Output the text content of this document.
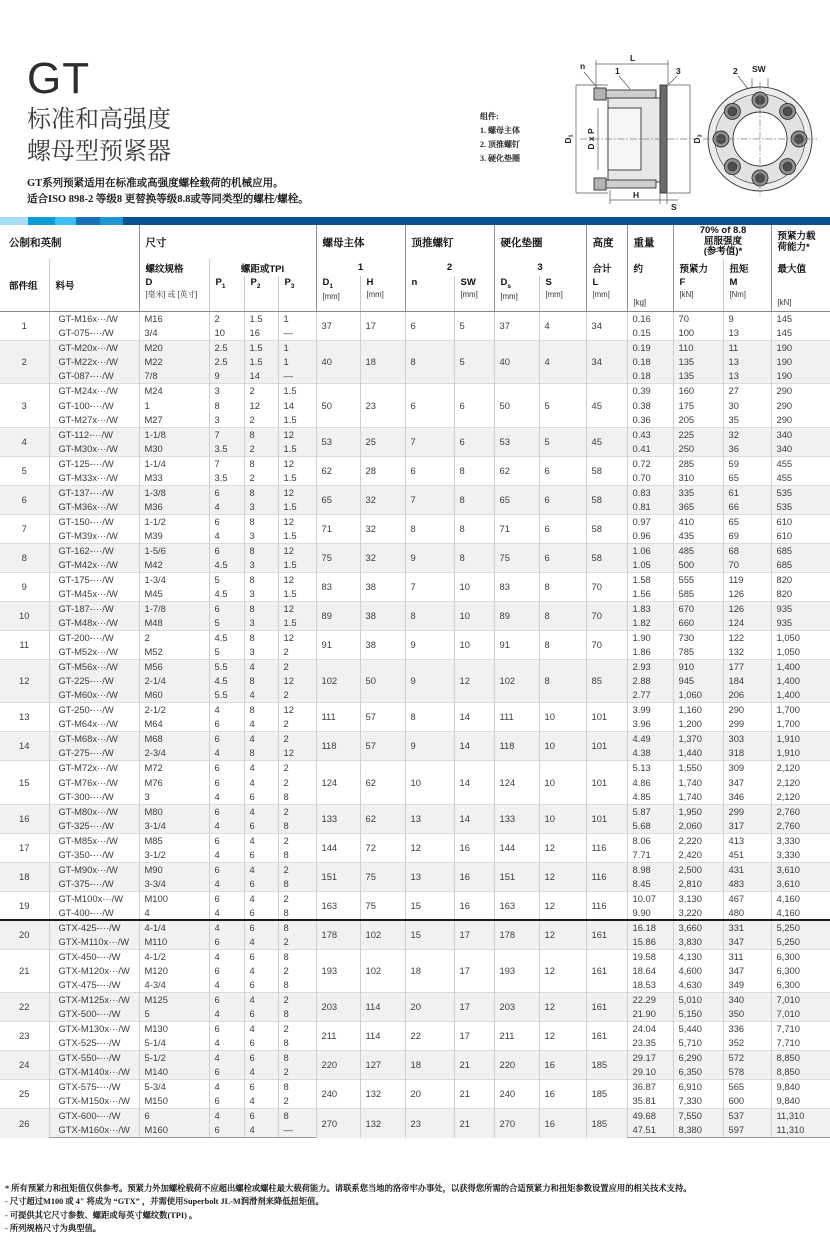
GT
标准和高强度
螺母型预紧器
GT系列预紧适用在标准或高强度螺栓载荷的机械应用。
适合ISO 898-2 等级8 更替换等级8.8或等同类型的螺柱/螺栓。
n
L
1	3	2 SW
H
S
D1 D x P	D3
组件:
1. 螺母主体
2. 顶推螺钉
3. 硬化垫圈
公制和英制		尺寸				螺母主体		顶推螺钉		硬化垫圈		高度	重量	70% of 8.8
屈服强度
(参考值)*		预紧力载
荷能力*
部件组	料号	螺纹规格	螺距或TPI			1		2		3		合计	约	预紧力	扭矩	最大值
		D
[毫米] 或 [英寸]	$P_1$	$P_2$	$P_3$	$D_1$
[mm]	H
[mm]	n	SW
[mm]	$D_s$
[mm]	S
[mm]	L
[mm]	[kg]	F
[kN]	M
[Nm]	[kN]
1	GT-M16x···/W	M16	2	1.5	1	37	17	6	5	37	4	34	0.16	70	9	145
	GT-075-···/W	3/4	10	16	—								0.15	100	13	145
2	GT-M20x···/W	M20	2.5	1.5	1	40	18	8	5	40	4	34	0.19	110	11	190
	GT-M22x···/W	M22	2.5	1.5	1								0.18	135	13	190
	GT-087-···/W	7/8	9	14	—								0.18	135	13	190
3	GT-M24x···/W	M24	3	2	1.5	50	23	6	6	50	5	45	0.39	160	27	290
	GT-100-···/W	1	8	12	14								0.38	175	30	290
	GT-M27x···/W	M27	3	2	1.5								0.36	205	35	290
4	GT-112-···/W	1-1/8	7	8	12	53	25	7	6	53	5	45	0.43	225	32	340
	GT-M30x···/W	M30	3.5	2	1.5								0.41	250	36	340
5	GT-125-···/W	1-1/4	7	8	12	62	28	6	8	62	6	58	0.72	285	59	455
	GT-M33x···/W	M33	3.5	2	1.5								0.70	310	65	455
6	GT-137-···/W	1-3/8	6	8	12	65	32	7	8	65	6	58	0.83	335	61	535
	GT-M36x···/W	M36	4	3	1.5								0.81	365	66	535
7	GT-150-···/W	1-1/2	6	8	12	71	32	8	8	71	6	58	0.97	410	65	610
	GT-M39x···/W	M39	4	3	1.5								0.96	435	69	610
8	GT-162-···/W	1-5/6	6	8	12	75	32	9	8	75	6	58	1.06	485	68	685
	GT-M42x···/W	M42	4.5	3	1.5								1.05	500	70	685
9	GT-175-···/W	1-3/4	5	8	12	83	38	7	10	83	8	70	1.58	555	119	820
	GT-M45x···/W	M45	4.5	3	1.5								1.56	585	126	820
10	GT-187-···/W	1-7/8	6	8	12	89	38	8	10	89	8	70	1.83	670	126	935
	GT-M48x···/W	M48	5	3	1.5								1.82	660	124	935
11	GT-200-···/W	2	4.5	8	12	91	38	9	10	91	8	70	1.90	730	122	1,050
	GT-M52x···/W	M52	5	3	2								1.86	785	132	1,050
12	GT-M56x···/W	M56	5.5	4	2	102	50	9	12	102	8	85	2.93	910	177	1,400
	GT-225-···/W	2-1/4	4.5	8	12								2.88	945	184	1,400
	GT-M60x···/W	M60	5.5	4	2								2.77	1,060	206	1,400
13	GT-250-···/W	2-1/2	4	8	12	111	57	8	14	111	10	101	3.99	1,160	290	1,700
	GT-M64x···/W	M64	6	4	2								3.96	1,200	299	1,700
14	GT-M68x···/W	M68	6	4	2	118	57	9	14	118	10	101	4.49	1,370	303	1,910
	GT-275-···/W	2-3/4	4	8	12								4.38	1,440	318	1,910
15	GT-M72x···/W	M72	6	4	2	124	62	10	14	124	10	101	5.13	1,550	309	2,120
	GT-M76x···/W	M76	6	4	2								4.86	1,740	347	2,120
	GT-300-···/W	3	4	6	8								4.85	1,740	346	2,120
16	GT-M80x···/W	M80	6	4	2	133	62	13	14	133	10	101	5.87	1,950	299	2,760
	GT-325-···/W	3-1/4	4	6	8								5.68	2,060	317	2,760
17	GT-M85x···/W	M85	6	4	2	144	72	12	16	144	12	116	8.06	2,220	413	3,330
	GT-350-···/W	3-1/2	4	6	8								7.71	2,420	451	3,330
18	GT-M90x···/W	M90	6	4	2	151	75	13	16	151	12	116	8.98	2,500	431	3,610
	GT-375-···/W	3-3/4	4	6	8								8.45	2,810	483	3,610
19	GT-M100x···/W	M100	6	4	2	163	75	15	16	163	12	116	10.07	3,130	467	4,160
	GT-400-···/W	4	4	6	8								9.90	3,220	480	4,160
20	GTX-425-···/W	4-1/4	4	6	8	178	102	15	17	178	12	161	16.18	3,660	331	5,250
	GTX-M110x···/W	M110	6	4	2								15.86	3,830	347	5,250
21	GTX-450-···/W	4-1/2	4	6	8	193	102	18	17	193	12	161	19.58	4,130	311	6,300
	GTX-M120x···/W	M120	6	4	2								18.64	4,600	347	6,300
	GTX-475-···/W	4-3/4	4	6	8								18.53	4,630	349	6,300
22	GTX-M125x···/W	M125	6	4	2	203	114	20	17	203	12	161	22.29	5,010	340	7,010
	GTX-500-···/W	5	4	6	8								21.90	5,150	350	7,010
23	GTX-M130x···/W	M130	6	4	2	211	114	22	17	211	12	161	24.04	5,440	336	7,710
	GTX-525-···/W	5-1/4	4	6	8								23.35	5,710	352	7,710
24	GTX-550-···/W	5-1/2	4	6	8	220	127	18	21	220	16	185	29.17	6,290	572	8,850
	GTX-M140x···/W	M140	6	4	2								29.10	6,350	578	8,850
25	GTX-575-···/W	5-3/4	4	6	8	240	132	20	21	240	16	185	36.87	6,910	565	9,840
	GTX-M150x···/W	M150	6	4	2								35.81	7,330	600	9,840
26	GTX-600-···/W	6	4	6	8	270	132	23	21	270	16	185	49.68	7,550	537	11,310
	GTX-M160x···/W	M160	6	4	—								47.51	8,380	597	11,310
* 所有预紧力和扭矩值仅供参考。预紧力外加螺栓载荷不应超出螺栓或螺柱最大载荷能力。请联系您当地的洛帝牢办事处，以获得您所需的合适预紧力和扭矩参数设置应用的相关技术支持。
- 尺寸超过M100 或 4" 将成为 “GTX” ，并需使用Superbolt JL-M润滑剂来降低扭矩值。
- 可提供其它尺寸参数、螺距或每英寸螺纹数(TPI) 。
- 所列规格尺寸为典型值。
